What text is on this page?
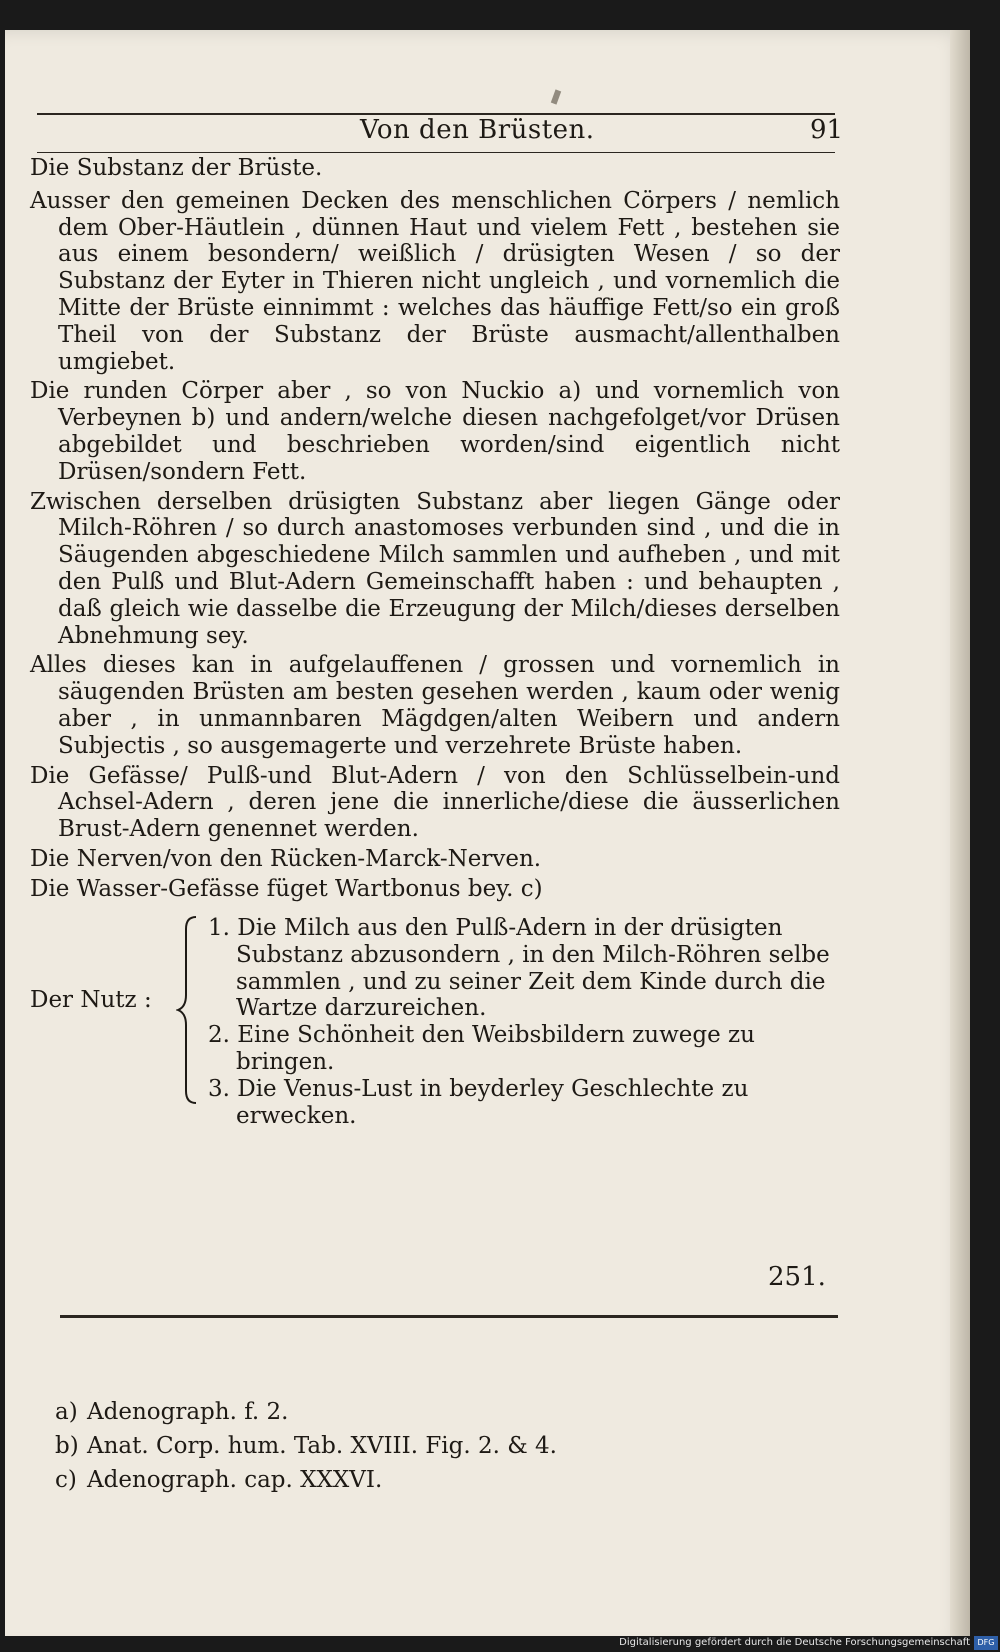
Von den Brüsten.	91

Die Substanz der Brüste.

Ausser den gemeinen Decken des menschlichen Cörpers / nemlich dem Ober-Häutlein , dünnen Haut und vielem Fett , bestehen sie aus einem besondern/ weißlich / drüsigten Wesen / so der Substanz der Eyter in Thieren nicht ungleich , und vornemlich die Mitte der Brüste einnimmt : welches das häuffige Fett/so ein groß Theil von der Substanz der Brüste ausmacht/allenthalben umgiebet.

Die runden Cörper aber , so von Nuckio a) und vornemlich von Verbeynen b) und andern/welche diesen nachgefolget/vor Drüsen abgebildet und beschrieben worden/sind eigentlich nicht Drüsen/sondern Fett.

Zwischen derselben drüsigten Substanz aber liegen Gänge oder Milch-Röhren / so durch anastomoses verbunden sind , und die in Säugenden abgeschiedene Milch sammlen und aufheben , und mit den Pulß und Blut-Adern Gemeinschafft haben : und behaupten , daß gleich wie dasselbe die Erzeugung der Milch/dieses derselben Abnehmung sey.

Alles dieses kan in aufgelauffenen / grossen und vornemlich in säugenden Brüsten am besten gesehen werden , kaum oder wenig aber , in unmannbaren Mägdgen/alten Weibern und andern Subjectis , so ausgemagerte und verzehrete Brüste haben.

Die Gefässe/ Pulß-und Blut-Adern / von den Schlüsselbein-und Achsel-Adern , deren jene die innerliche/diese die äusserlichen Brust-Adern genennet werden.

Die Nerven/von den Rücken-Marck-Nerven.

Die Wasser-Gefässe füget Wartbonus bey. c)

Der Nutz :

1. Die Milch aus den Pulß-Adern in der drüsigten Substanz abzusondern , in den Milch-Röhren selbe sammlen , und zu seiner Zeit dem Kinde durch die Wartze darzureichen.

2. Eine Schönheit den Weibsbildern zuwege zu bringen.

3. Die Venus-Lust in beyderley Geschlechte zu erwecken.

251.

a) Adenograph. f. 2.

b) Anat. Corp. hum. Tab. XVIII. Fig. 2. & 4.

c) Adenograph. cap. XXXVI.

Digitalisierung gefördert durch die Deutsche Forschungsgemeinschaft DFG
